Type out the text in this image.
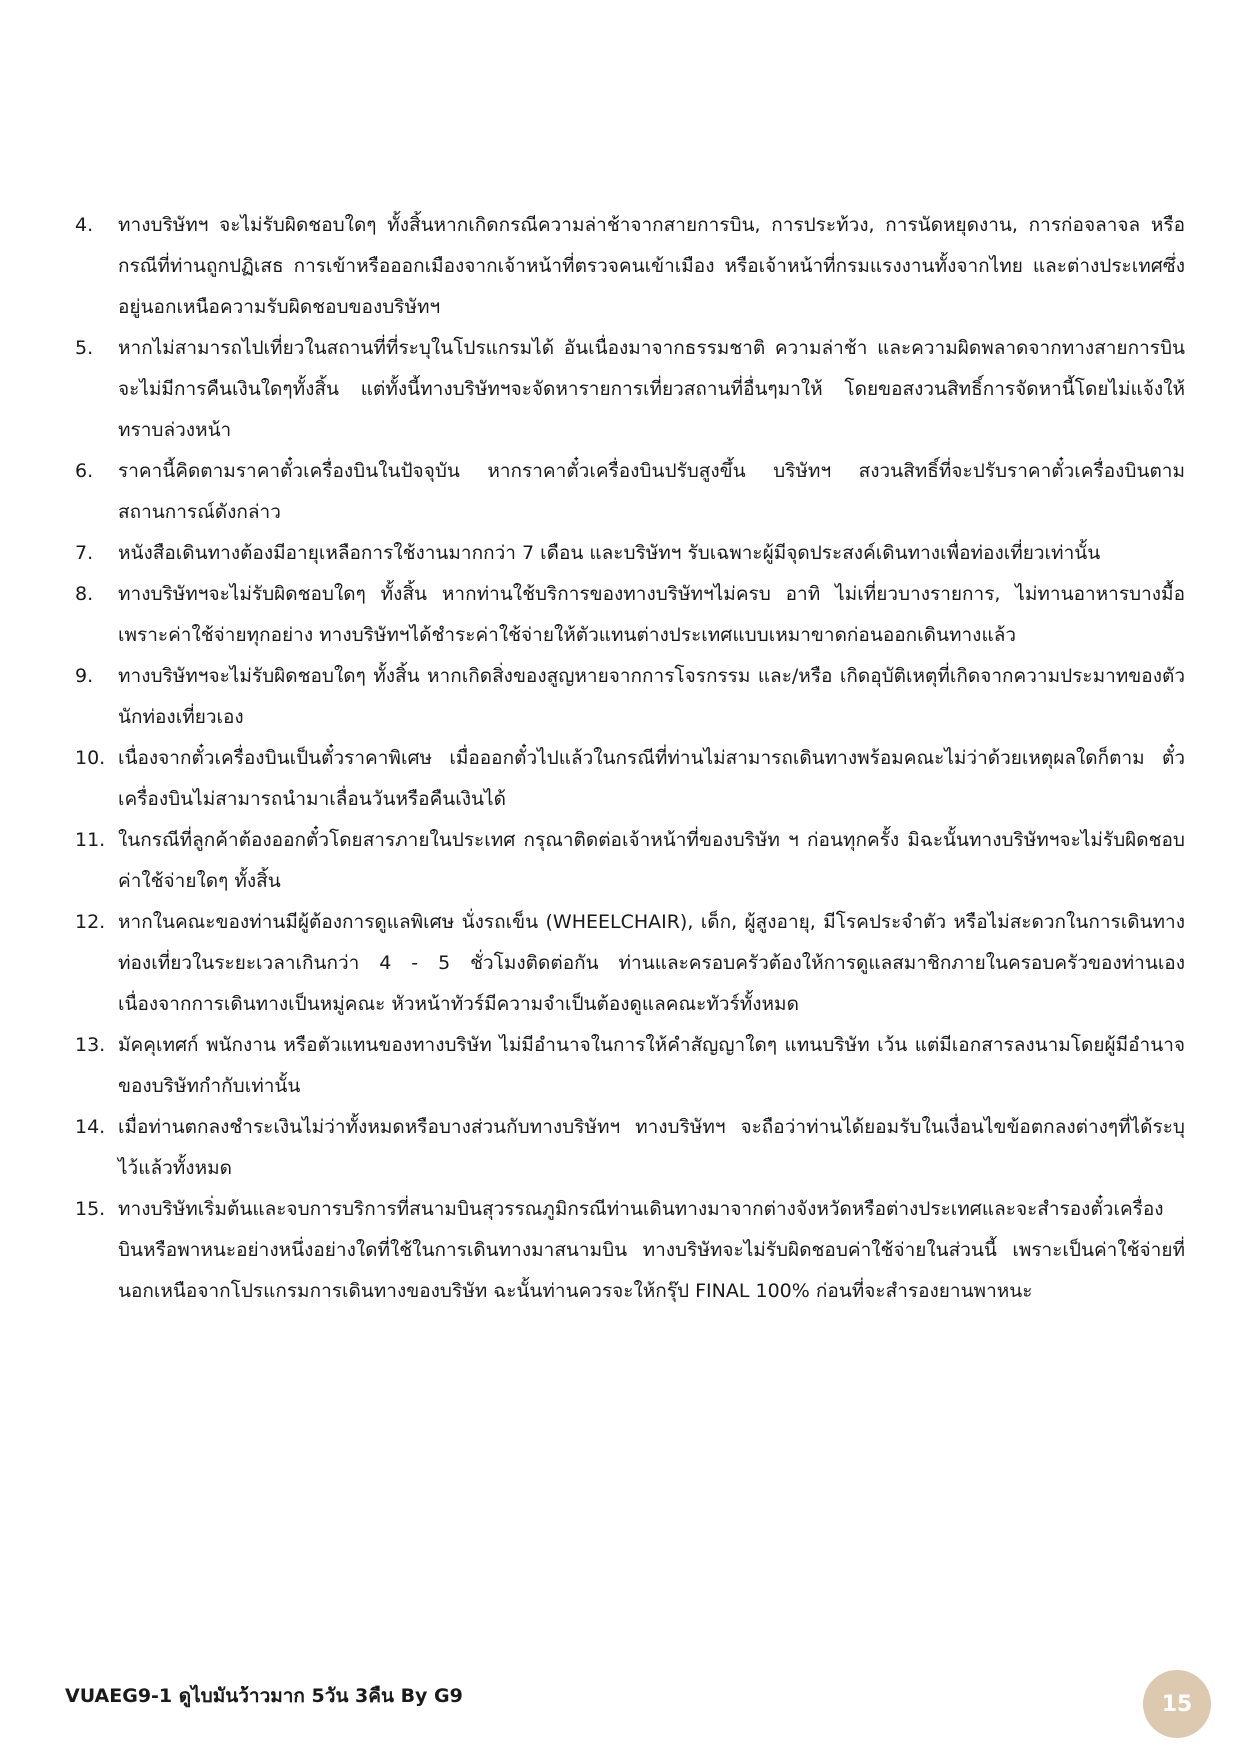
4.	ทางบริษัทฯ จะไม่รับผิดชอบใดๆ ทั้งสิ้นหากเกิดกรณีความล่าช้าจากสายการบิน, การประท้วง, การนัดหยุดงาน, การก่อจลาจล หรือกรณีที่ท่านถูกปฏิเสธ การเข้าหรือออกเมืองจากเจ้าหน้าที่ตรวจคนเข้าเมือง หรือเจ้าหน้าที่กรมแรงงานทั้งจากไทย และต่างประเทศซึ่งอยู่นอกเหนือความรับผิดชอบของบริษัทฯ
5.	หากไม่สามารถไปเที่ยวในสถานที่ที่ระบุในโปรแกรมได้ อันเนื่องมาจากธรรมชาติ ความล่าช้า และความผิดพลาดจากทางสายการบิน จะไม่มีการคืนเงินใดๆทั้งสิ้น แต่ทั้งนี้ทางบริษัทฯจะจัดหารายการเที่ยวสถานที่อื่นๆมาให้ โดยขอสงวนสิทธิ์การจัดหานี้โดยไม่แจ้งให้ทราบล่วงหน้า
6.	ราคานี้คิดตามราคาตั๋วเครื่องบินในปัจจุบัน หากราคาตั๋วเครื่องบินปรับสูงขึ้น บริษัทฯ สงวนสิทธิ์ที่จะปรับราคาตั๋วเครื่องบินตามสถานการณ์ดังกล่าว
7.	หนังสือเดินทางต้องมีอายุเหลือการใช้งานมากกว่า 7 เดือน และบริษัทฯ รับเฉพาะผู้มีจุดประสงค์เดินทางเพื่อท่องเที่ยวเท่านั้น
8.	ทางบริษัทฯจะไม่รับผิดชอบใดๆ ทั้งสิ้น หากท่านใช้บริการของทางบริษัทฯไม่ครบ อาทิ ไม่เที่ยวบางรายการ, ไม่ทานอาหารบางมื้อ เพราะค่าใช้จ่ายทุกอย่าง ทางบริษัทฯได้ชำระค่าใช้จ่ายให้ตัวแทนต่างประเทศแบบเหมาขาดก่อนออกเดินทางแล้ว
9.	ทางบริษัทฯจะไม่รับผิดชอบใดๆ ทั้งสิ้น หากเกิดสิ่งของสูญหายจากการโจรกรรม และ/หรือ เกิดอุบัติเหตุที่เกิดจากความประมาทของตัวนักท่องเที่ยวเอง
10. เนื่องจากตั๋วเครื่องบินเป็นตั๋วราคาพิเศษ เมื่อออกตั๋วไปแล้วในกรณีที่ท่านไม่สามารถเดินทางพร้อมคณะไม่ว่าด้วยเหตุผลใดก็ตาม ตั๋วเครื่องบินไม่สามารถนำมาเลื่อนวันหรือคืนเงินได้
11. ในกรณีที่ลูกค้าต้องออกตั๋วโดยสารภายในประเทศ กรุณาติดต่อเจ้าหน้าที่ของบริษัท ฯ ก่อนทุกครั้ง มิฉะนั้นทางบริษัทฯจะไม่รับผิดชอบค่าใช้จ่ายใดๆ ทั้งสิ้น
12. หากในคณะของท่านมีผู้ต้องการดูแลพิเศษ นั่งรถเข็น (WHEELCHAIR), เด็ก, ผู้สูงอายุ, มีโรคประจำตัว หรือไม่สะดวกในการเดินทางท่องเที่ยวในระยะเวลาเกินกว่า 4 - 5 ชั่วโมงติดต่อกัน ท่านและครอบครัวต้องให้การดูแลสมาชิกภายในครอบครัวของท่านเอง เนื่องจากการเดินทางเป็นหมู่คณะ หัวหน้าทัวร์มีความจำเป็นต้องดูแลคณะทัวร์ทั้งหมด
13. มัคคุเทศก์ พนักงาน หรือตัวแทนของทางบริษัท ไม่มีอำนาจในการให้คำสัญญาใดๆ แทนบริษัท เว้น แต่มีเอกสารลงนามโดยผู้มีอำนาจของบริษัทกำกับเท่านั้น
14. เมื่อท่านตกลงชำระเงินไม่ว่าทั้งหมดหรือบางส่วนกับทางบริษัทฯ ทางบริษัทฯ จะถือว่าท่านได้ยอมรับในเงื่อนไขข้อตกลงต่างๆที่ได้ระบุไว้แล้วทั้งหมด
15. ทางบริษัทเริ่มต้นและจบการบริการที่สนามบินสุวรรณภูมิกรณีท่านเดินทางมาจากต่างจังหวัดหรือต่างประเทศและจะสำรองตั๋วเครื่องบินหรือพาหนะอย่างหนึ่งอย่างใดที่ใช้ในการเดินทางมาสนามบิน ทางบริษัทจะไม่รับผิดชอบค่าใช้จ่ายในส่วนนี้ เพราะเป็นค่าใช้จ่ายที่นอกเหนือจากโปรแกรมการเดินทางของบริษัท ฉะนั้นท่านควรจะให้กรุ๊ป FINAL 100% ก่อนที่จะสำรองยานพาหนะ
VUAEG9-1 ดูไบมันว้าวมาก 5วัน 3คืน By G9	15
